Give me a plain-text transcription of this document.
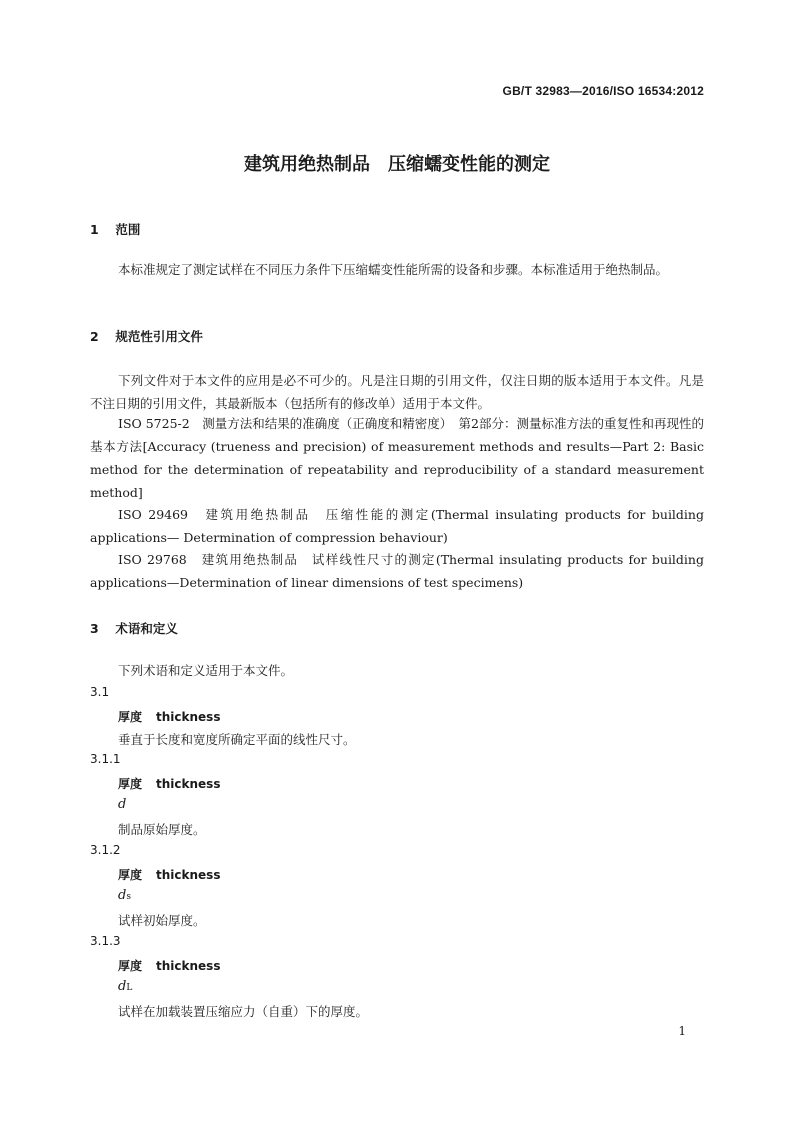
GB/T 32983—2016/ISO 16534:2012
建筑用绝热制品　压缩蠕变性能的测定
1 范围
本标准规定了测定试样在不同压力条件下压缩蠕变性能所需的设备和步骤。本标准适用于绝热制品。
2 规范性引用文件
下列文件对于本文件的应用是必不可少的。凡是注日期的引用文件，仅注日期的版本适用于本文件。凡是不注日期的引用文件，其最新版本（包括所有的修改单）适用于本文件。
ISO 5725-2　测量方法和结果的准确度（正确度和精密度）　第2部分：测量标准方法的重复性和再现性的基本方法[Accuracy (trueness and precision) of measurement methods and results—Part 2: Basic method for the determination of repeatability and reproducibility of a standard measurement method]
ISO 29469　建筑用绝热制品　压缩性能的测定(Thermal insulating products for building applications— Determination of compression behaviour)
ISO 29768　建筑用绝热制品　试样线性尺寸的测定(Thermal insulating products for building applications—Determination of linear dimensions of test specimens)
3 术语和定义
下列术语和定义适用于本文件。
3.1
厚度 thickness
垂直于长度和宽度所确定平面的线性尺寸。
3.1.1
厚度 thickness
d
制品原始厚度。
3.1.2
厚度 thickness
ds
试样初始厚度。
3.1.3
厚度 thickness
dL
试样在加载装置压缩应力（自重）下的厚度。
1
